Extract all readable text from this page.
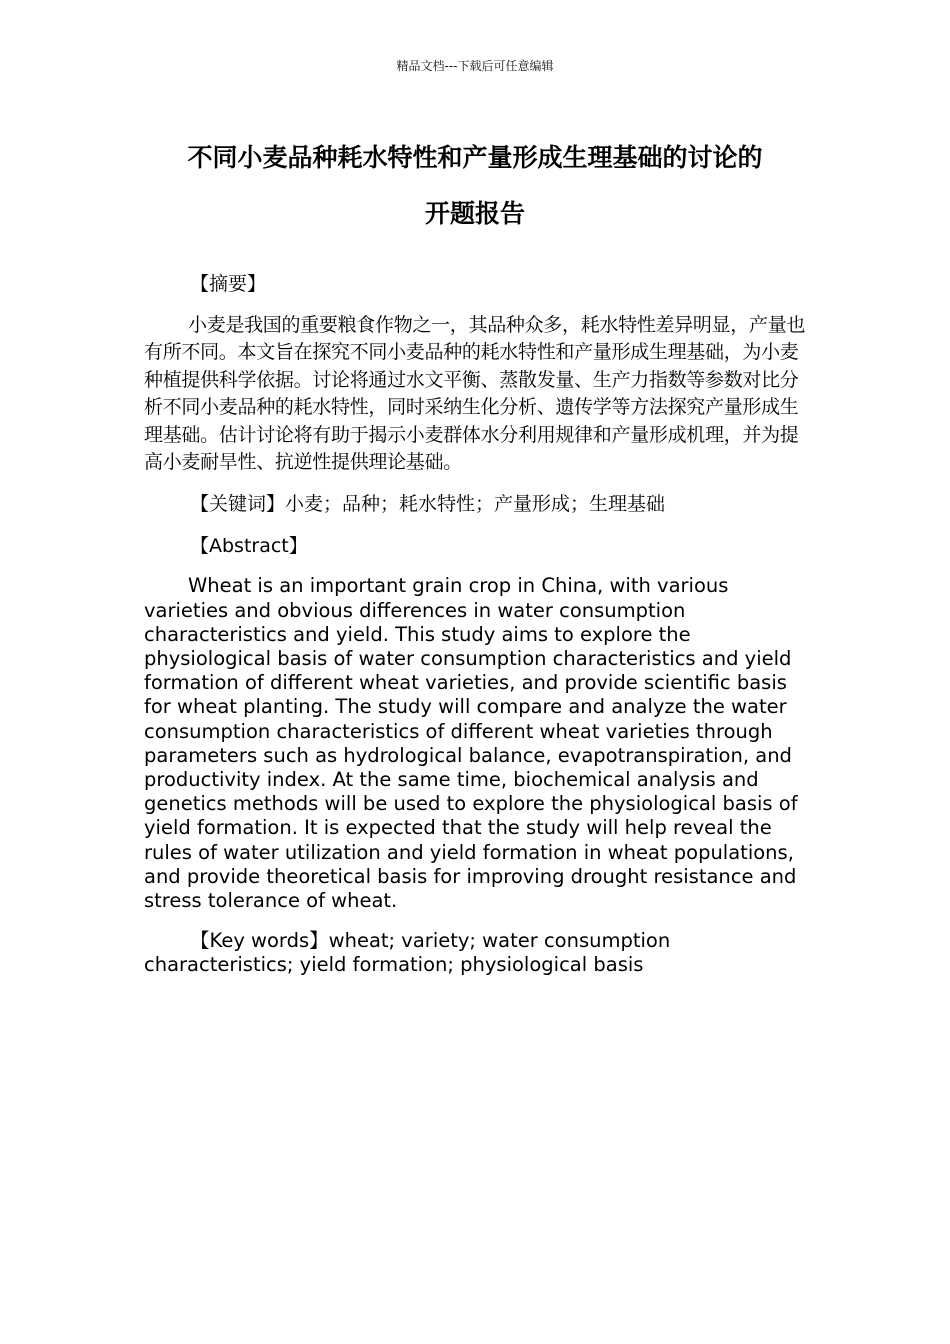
精品文档---下载后可任意编辑
不同小麦品种耗水特性和产量形成生理基础的讨论的
开题报告

【摘要】

小麦是我国的重要粮食作物之一，其品种众多，耗水特性差异明显，产量也有所不同。本文旨在探究不同小麦品种的耗水特性和产量形成生理基础，为小麦种植提供科学依据。讨论将通过水文平衡、蒸散发量、生产力指数等参数对比分析不同小麦品种的耗水特性，同时采纳生化分析、遗传学等方法探究产量形成生理基础。估计讨论将有助于揭示小麦群体水分利用规律和产量形成机理，并为提高小麦耐旱性、抗逆性提供理论基础。

【关键词】小麦；品种；耗水特性；产量形成；生理基础

【Abstract】

Wheat is an important grain crop in China, with various varieties and obvious differences in water consumption characteristics and yield. This study aims to explore the physiological basis of water consumption characteristics and yield formation of different wheat varieties, and provide scientific basis for wheat planting. The study will compare and analyze the water consumption characteristics of different wheat varieties through parameters such as hydrological balance, evapotranspiration, and productivity index. At the same time, biochemical analysis and genetics methods will be used to explore the physiological basis of yield formation. It is expected that the study will help reveal the rules of water utilization and yield formation in wheat populations, and provide theoretical basis for improving drought resistance and stress tolerance of wheat.

【Key words】wheat; variety; water consumption characteristics; yield formation; physiological basis
